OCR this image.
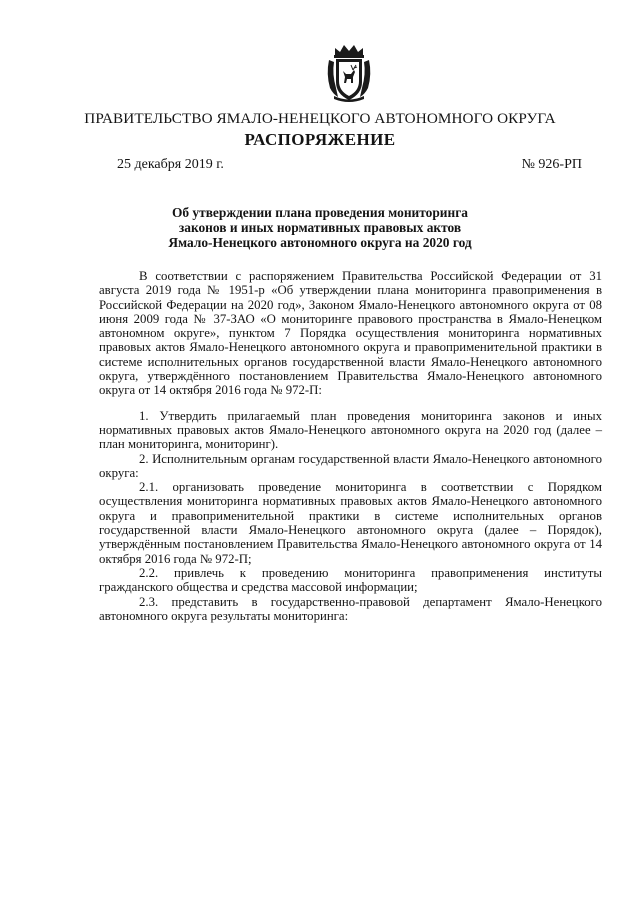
ПРАВИТЕЛЬСТВО ЯМАЛО-НЕНЕЦКОГО АВТОНОМНОГО ОКРУГА
РАСПОРЯЖЕНИЕ
25 декабря 2019 г.	№ 926-РП
Об утверждении плана проведения мониторинга
законов и иных нормативных правовых актов
Ямало-Ненецкого автономного округа на 2020 год

В соответствии с распоряжением Правительства Российской Федерации от 31 августа 2019 года № 1951-р «Об утверждении плана мониторинга правоприменения в Российской Федерации на 2020 год», Законом Ямало-Ненецкого автономного округа от 08 июня 2009 года № 37-ЗАО «О мониторинге правового пространства в Ямало-Ненецком автономном округе», пунктом 7 Порядка осуществления мониторинга нормативных правовых актов Ямало-Ненецкого автономного округа и правоприменительной практики в системе исполнительных органов государственной власти Ямало-Ненецкого автономного округа, утверждённого постановлением Правительства Ямало-Ненецкого автономного округа от 14 октября 2016 года № 972-П:

1. Утвердить прилагаемый план проведения мониторинга законов и иных нормативных правовых актов Ямало-Ненецкого автономного округа на 2020 год (далее – план мониторинга, мониторинг).

2. Исполнительным органам государственной власти Ямало-Ненецкого автономного округа:

2.1. организовать проведение мониторинга в соответствии с Порядком осуществления мониторинга нормативных правовых актов Ямало-Ненецкого автономного округа и правоприменительной практики в системе исполнительных органов государственной власти Ямало-Ненецкого автономного округа (далее – Порядок), утверждённым постановлением Правительства Ямало-Ненецкого автономного округа от 14 октября 2016 года № 972-П;

2.2. привлечь к проведению мониторинга правоприменения институты гражданского общества и средства массовой информации;

2.3. представить в государственно-правовой департамент Ямало-Ненецкого автономного округа результаты мониторинга:
